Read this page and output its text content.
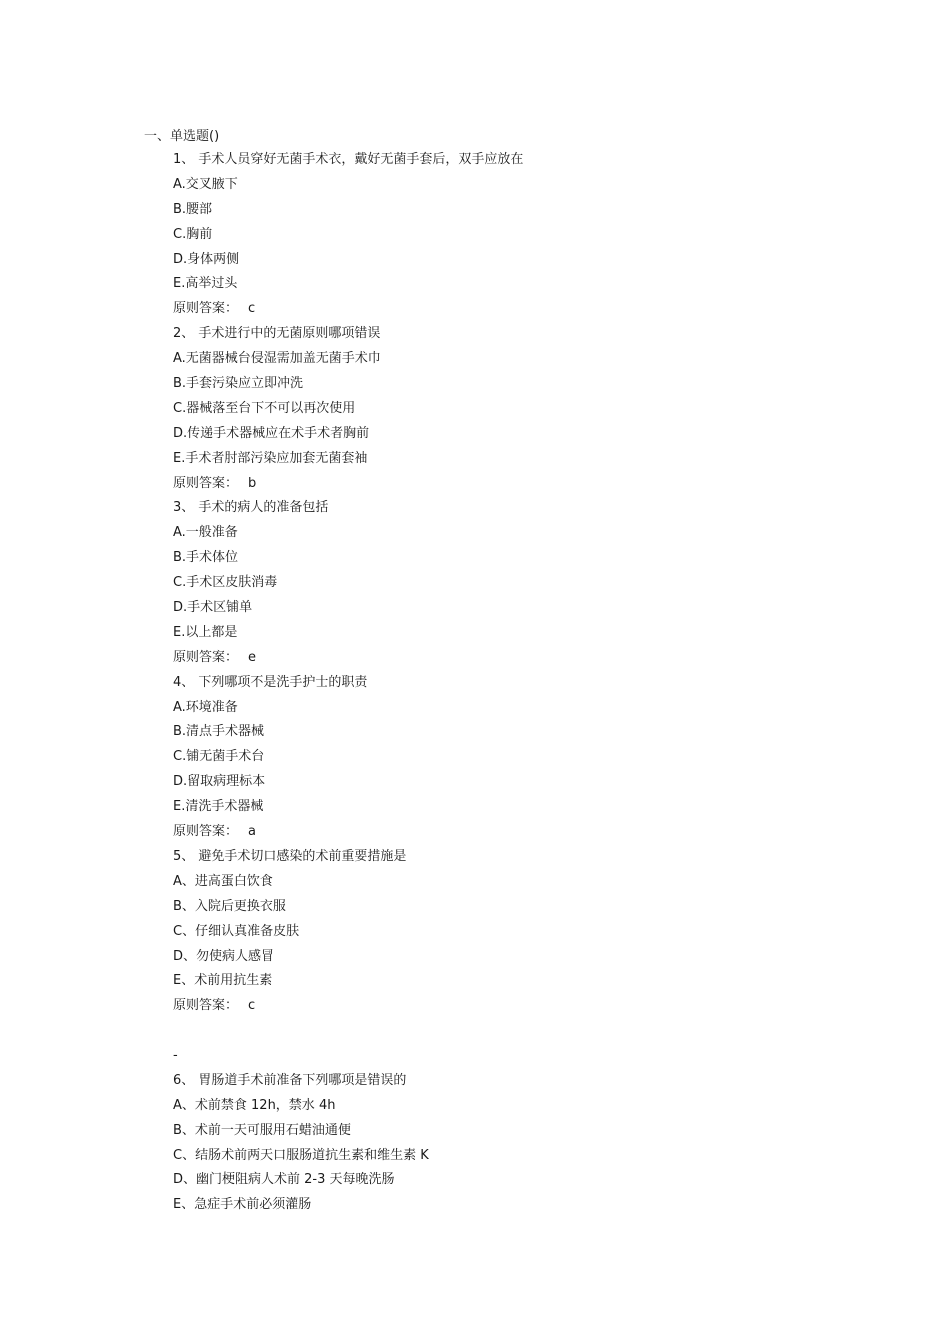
一、单选题()
1、 手术人员穿好无菌手术衣，戴好无菌手套后，双手应放在
A.交叉腋下
B.腰部
C.胸前
D.身体两侧
E.高举过头
原则答案： c
2、 手术进行中的无菌原则哪项错误
A.无菌器械台侵湿需加盖无菌手术巾
B.手套污染应立即冲洗
C.器械落至台下不可以再次使用
D.传递手术器械应在术手术者胸前
E.手术者肘部污染应加套无菌套袖
原则答案： b
3、 手术的病人的准备包括
A.一般准备
B.手术体位
C.手术区皮肤消毒
D.手术区铺单
E.以上都是
原则答案： e
4、 下列哪项不是洗手护士的职责
A.环境准备
B.清点手术器械
C.铺无菌手术台
D.留取病理标本
E.清洗手术器械
原则答案： a
5、 避免手术切口感染的术前重要措施是
A、进高蛋白饮食
B、入院后更换衣服
C、仔细认真准备皮肤
D、勿使病人感冒
E、术前用抗生素
原则答案： c
-
6、 胃肠道手术前准备下列哪项是错误的
A、术前禁食 12h，禁水 4h
B、术前一天可服用石蜡油通便
C、结肠术前两天口服肠道抗生素和维生素 K
D、幽门梗阻病人术前 2-3 天每晚洗肠
E、急症手术前必须灌肠
